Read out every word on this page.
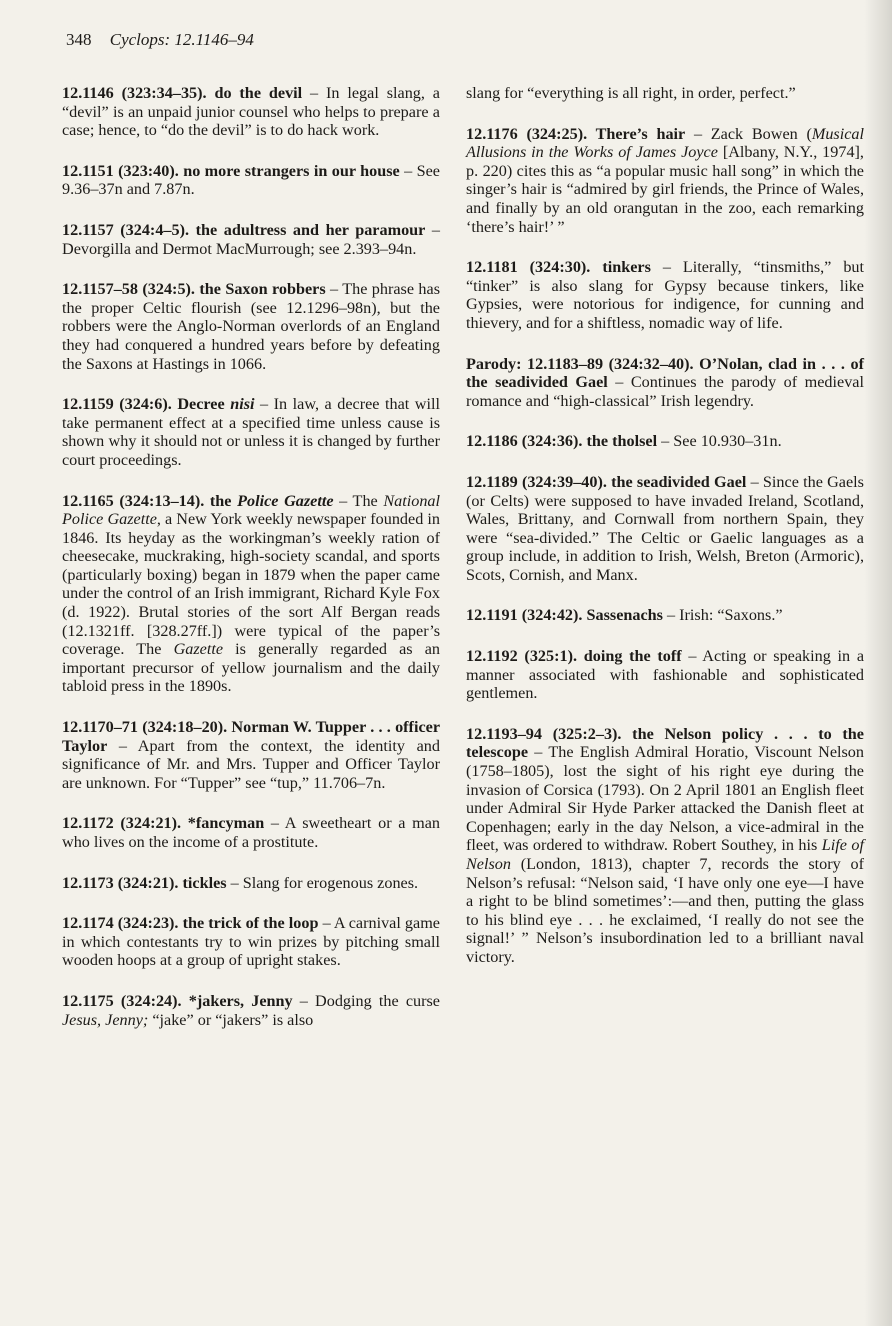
348 Cyclops: 12.1146–94

12.1146 (323:34–35). do the devil – In legal slang, a “devil” is an unpaid junior counsel who helps to prepare a case; hence, to “do the devil” is to do hack work.

12.1151 (323:40). no more strangers in our house – See 9.36–37n and 7.87n.

12.1157 (324:4–5). the adultress and her paramour – Devorgilla and Dermot MacMurrough; see 2.393–94n.

12.1157–58 (324:5). the Saxon robbers – The phrase has the proper Celtic flourish (see 12.1296–98n), but the robbers were the Anglo-Norman overlords of an England they had conquered a hundred years before by defeating the Saxons at Hastings in 1066.

12.1159 (324:6). Decree nisi – In law, a decree that will take permanent effect at a specified time unless cause is shown why it should not or unless it is changed by further court proceedings.

12.1165 (324:13–14). the Police Gazette – The National Police Gazette, a New York weekly newspaper founded in 1846. Its heyday as the workingman’s weekly ration of cheesecake, muckraking, high-society scandal, and sports (particularly boxing) began in 1879 when the paper came under the control of an Irish immigrant, Richard Kyle Fox (d. 1922). Brutal stories of the sort Alf Bergan reads (12.1321ff. [328.27ff.]) were typical of the paper’s coverage. The Gazette is generally regarded as an important precursor of yellow journalism and the daily tabloid press in the 1890s.

12.1170–71 (324:18–20). Norman W. Tupper . . . officer Taylor – Apart from the context, the identity and significance of Mr. and Mrs. Tupper and Officer Taylor are unknown. For “Tupper” see “tup,” 11.706–7n.

12.1172 (324:21). *fancyman – A sweetheart or a man who lives on the income of a prostitute.

12.1173 (324:21). tickles – Slang for erogenous zones.

12.1174 (324:23). the trick of the loop – A carnival game in which contestants try to win prizes by pitching small wooden hoops at a group of upright stakes.

12.1175 (324:24). *jakers, Jenny – Dodging the curse Jesus, Jenny; “jake” or “jakers” is also

slang for “everything is all right, in order, perfect.”

12.1176 (324:25). There’s hair – Zack Bowen (Musical Allusions in the Works of James Joyce [Albany, N.Y., 1974], p. 220) cites this as “a popular music hall song” in which the singer’s hair is “admired by girl friends, the Prince of Wales, and finally by an old orangutan in the zoo, each remarking ‘there’s hair!’ ”

12.1181 (324:30). tinkers – Literally, “tinsmiths,” but “tinker” is also slang for Gypsy because tinkers, like Gypsies, were notorious for indigence, for cunning and thievery, and for a shiftless, nomadic way of life.

Parody: 12.1183–89 (324:32–40). O’Nolan, clad in . . . of the seadivided Gael – Continues the parody of medieval romance and “high-classical” Irish legendry.

12.1186 (324:36). the tholsel – See 10.930–31n.

12.1189 (324:39–40). the seadivided Gael – Since the Gaels (or Celts) were supposed to have invaded Ireland, Scotland, Wales, Brittany, and Cornwall from northern Spain, they were “sea-divided.” The Celtic or Gaelic languages as a group include, in addition to Irish, Welsh, Breton (Armoric), Scots, Cornish, and Manx.

12.1191 (324:42). Sassenachs – Irish: “Saxons.”

12.1192 (325:1). doing the toff – Acting or speaking in a manner associated with fashionable and sophisticated gentlemen.

12.1193–94 (325:2–3). the Nelson policy . . . to the telescope – The English Admiral Horatio, Viscount Nelson (1758–1805), lost the sight of his right eye during the invasion of Corsica (1793). On 2 April 1801 an English fleet under Admiral Sir Hyde Parker attacked the Danish fleet at Copenhagen; early in the day Nelson, a vice-admiral in the fleet, was ordered to withdraw. Robert Southey, in his Life of Nelson (London, 1813), chapter 7, records the story of Nelson’s refusal: “Nelson said, ‘I have only one eye—I have a right to be blind sometimes’:—and then, putting the glass to his blind eye . . . he exclaimed, ‘I really do not see the signal!’ ” Nelson’s insubordination led to a brilliant naval victory.
